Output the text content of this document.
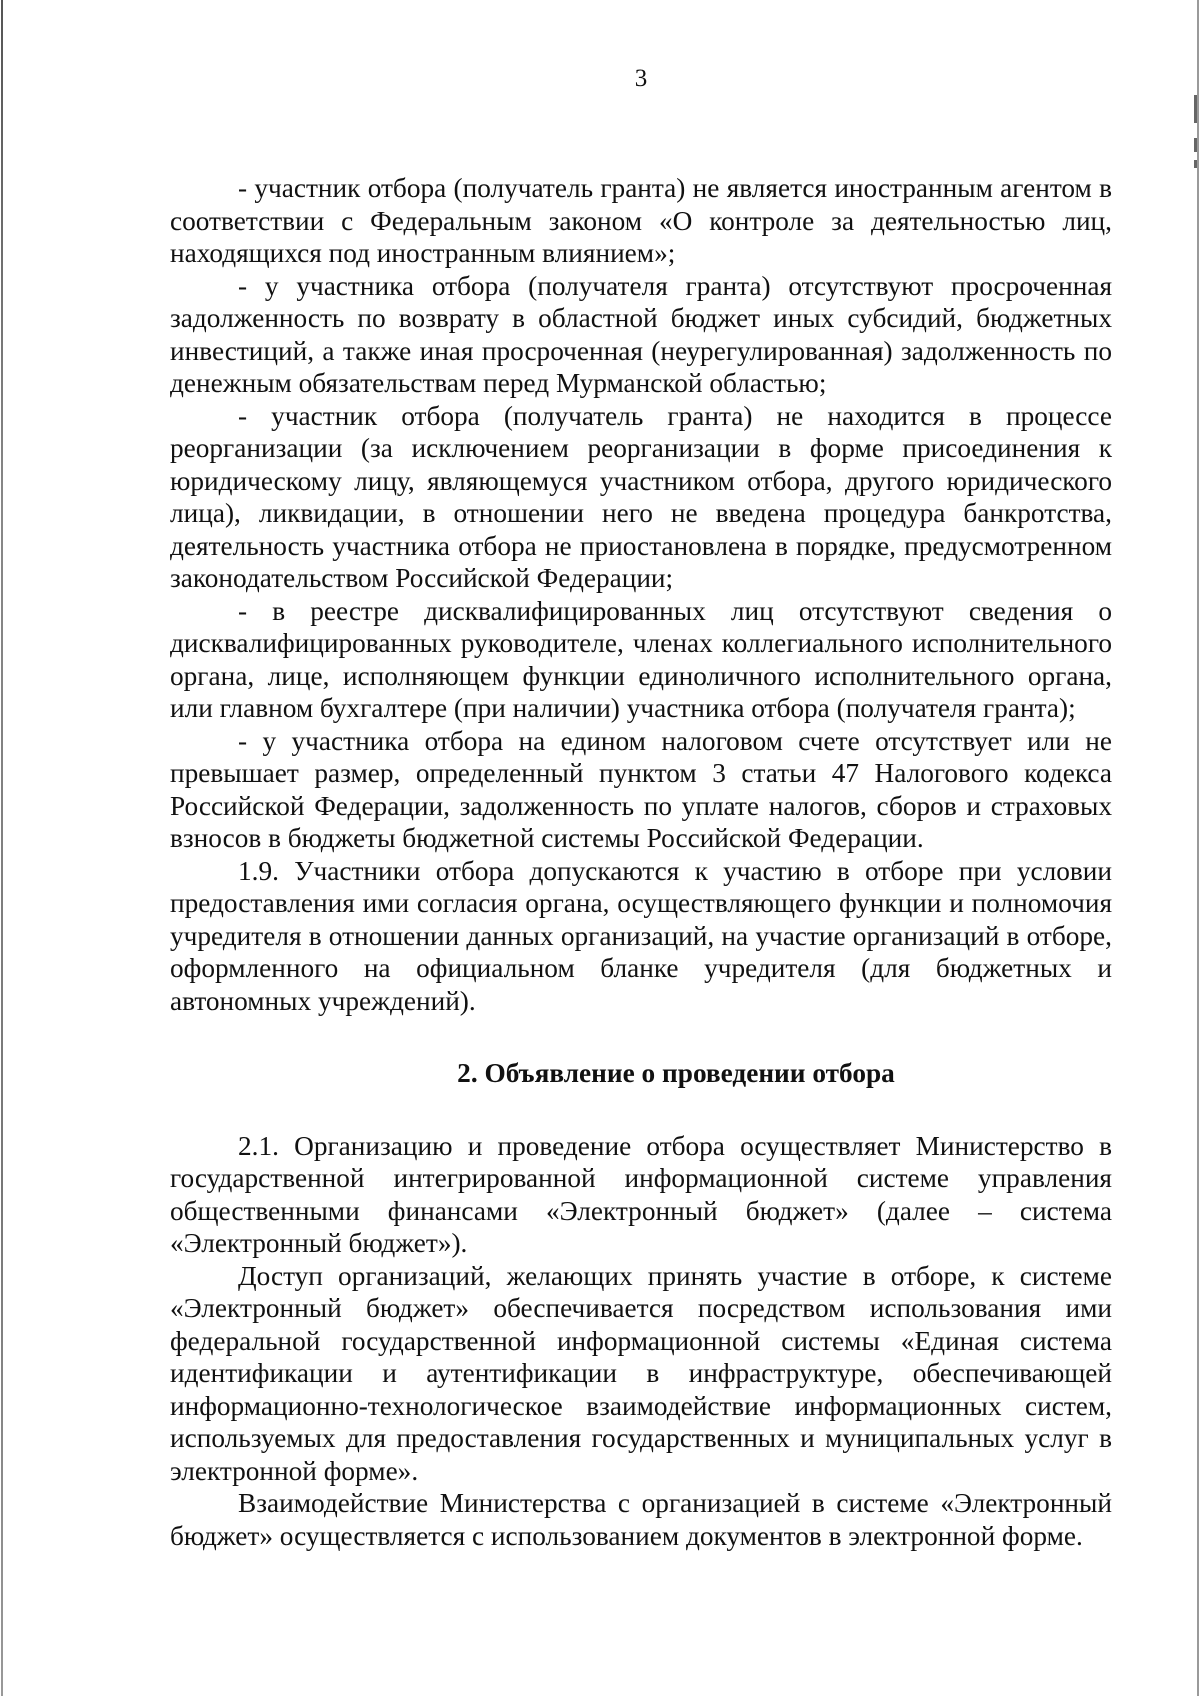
3

- участник отбора (получатель гранта) не является иностранным агентом в соответствии с Федеральным законом «О контроле за деятельностью лиц, находящихся под иностранным влиянием»;

- у участника отбора (получателя гранта) отсутствуют просроченная задолженность по возврату в областной бюджет иных субсидий, бюджетных инвестиций, а также иная просроченная (неурегулированная) задолженность по денежным обязательствам перед Мурманской областью;

- участник отбора (получатель гранта) не находится в процессе реорганизации (за исключением реорганизации в форме присоединения к юридическому лицу, являющемуся участником отбора, другого юридического лица), ликвидации, в отношении него не введена процедура банкротства, деятельность участника отбора не приостановлена в порядке, предусмотренном законодательством Российской Федерации;

- в реестре дисквалифицированных лиц отсутствуют сведения о дисквалифицированных руководителе, членах коллегиального исполнительного органа, лице, исполняющем функции единоличного исполнительного органа, или главном бухгалтере (при наличии) участника отбора (получателя гранта);

- у участника отбора на едином налоговом счете отсутствует или не превышает размер, определенный пунктом 3 статьи 47 Налогового кодекса Российской Федерации, задолженность по уплате налогов, сборов и страховых взносов в бюджеты бюджетной системы Российской Федерации.

1.9. Участники отбора допускаются к участию в отборе при условии предоставления ими согласия органа, осуществляющего функции и полномочия учредителя в отношении данных организаций, на участие организаций в отборе, оформленного на официальном бланке учредителя (для бюджетных и автономных учреждений).

2. Объявление о проведении отбора

2.1. Организацию и проведение отбора осуществляет Министерство в государственной интегрированной информационной системе управления общественными финансами «Электронный бюджет» (далее – система «Электронный бюджет»).

Доступ организаций, желающих принять участие в отборе, к системе «Электронный бюджет» обеспечивается посредством использования ими федеральной государственной информационной системы «Единая система идентификации и аутентификации в инфраструктуре, обеспечивающей информационно-технологическое взаимодействие информационных систем, используемых для предоставления государственных и муниципальных услуг в электронной форме».

Взаимодействие Министерства с организацией в системе «Электронный бюджет» осуществляется с использованием документов в электронной форме.
